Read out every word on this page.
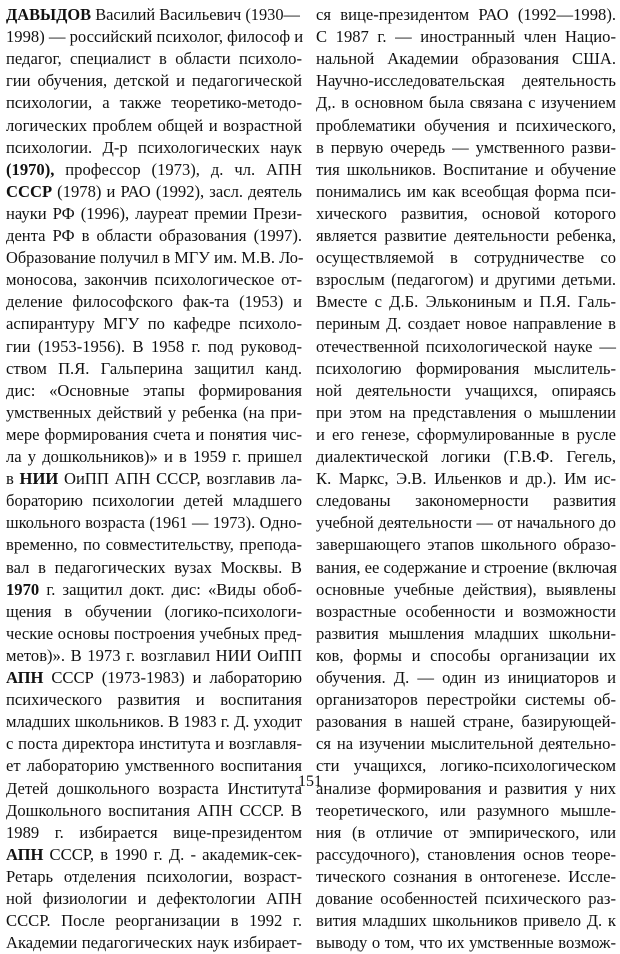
ДАВЫДОВ Василий Васильевич (1930—
1998) — российский психолог, философ и
педагог, специалист в области психоло-
гии обучения, детской и педагогической
психологии, а также теоретико-методо-
логических проблем общей и возрастной
психологии. Д-р психологических наук
(1970), профессор (1973), д. чл. АПН
СССР (1978) и РАО (1992), засл. деятель
науки РФ (1996), лауреат премии Прези-
дента РФ в области образования (1997).
Образование получил в МГУ им. М.В. Ло-
моносова, закончив психологическое от-
деление философского фак-та (1953) и
аспирантуру МГУ по кафедре психоло-
гии (1953-1956). В 1958 г. под руковод-
ством П.Я. Гальперина защитил канд.
дис: «Основные этапы формирования
умственных действий у ребенка (на при-
мере формирования счета и понятия чис-
ла у дошкольников)» и в 1959 г. пришел
в НИИ ОиПП АПН СССР, возглавив ла-
бораторию психологии детей младшего
школьного возраста (1961 — 1973). Одно-
временно, по совместительству, препода-
вал в педагогических вузах Москвы. В
1970 г. защитил докт. дис: «Виды обоб-
щения в обучении (логико-психологи-
ческие основы построения учебных пред-
метов)». В 1973 г. возглавил НИИ ОиПП
АПН СССР (1973-1983) и лабораторию
психического развития и воспитания
младших школьников. В 1983 г. Д. уходит
с поста директора института и возглавля-
ет лабораторию умственного воспитания
Детей дошкольного возраста Института
Дошкольного воспитания АПН СССР. В
1989 г. избирается вице-президентом
АПН СССР, в 1990 г. Д. - академик-сек-
Ретарь отделения психологии, возраст-
ной физиологии и дефектологии АПН
СССР. После реорганизации в 1992 г.
Академии педагогических наук избирает-
ся вице-президентом РАО (1992—1998).
С 1987 г. — иностранный член Нацио-
нальной Академии образования США.
Научно-исследовательская деятельность
Д,. в основном была связана с изучением
проблематики обучения и психического,
в первую очередь — умственного разви-
тия школьников. Воспитание и обучение
понимались им как всеобщая форма пси-
хического развития, основой которого
является развитие деятельности ребенка,
осуществляемой в сотрудничестве со
взрослым (педагогом) и другими детьми.
Вместе с Д.Б. Элькониным и П.Я. Галь-
периным Д. создает новое направление в
отечественной психологической науке —
психологию формирования мыслитель-
ной деятельности учащихся, опираясь
при этом на представления о мышлении
и его генезе, сформулированные в русле
диалектической логики (Г.В.Ф. Гегель,
К. Маркс, Э.В. Ильенков и др.). Им ис-
следованы закономерности развития
учебной деятельности — от начального до
завершающего этапов школьного образо-
вания, ее содержание и строение (включая
основные учебные действия), выявлены
возрастные особенности и возможности
развития мышления младших школьни-
ков, формы и способы организации их
обучения. Д. — один из инициаторов и
организаторов перестройки системы об-
разования в нашей стране, базирующей-
ся на изучении мыслительной деятельно-
сти учащихся, логико-психологическом
анализе формирования и развития у них
теоретического, или разумного мышле-
ния (в отличие от эмпирического, или
рассудочного), становления основ теоре-
тического сознания в онтогенезе. Иссле-
дование особенностей психического раз-
вития младших школьников привело Д. к
выводу о том, что их умственные возмож-
151
